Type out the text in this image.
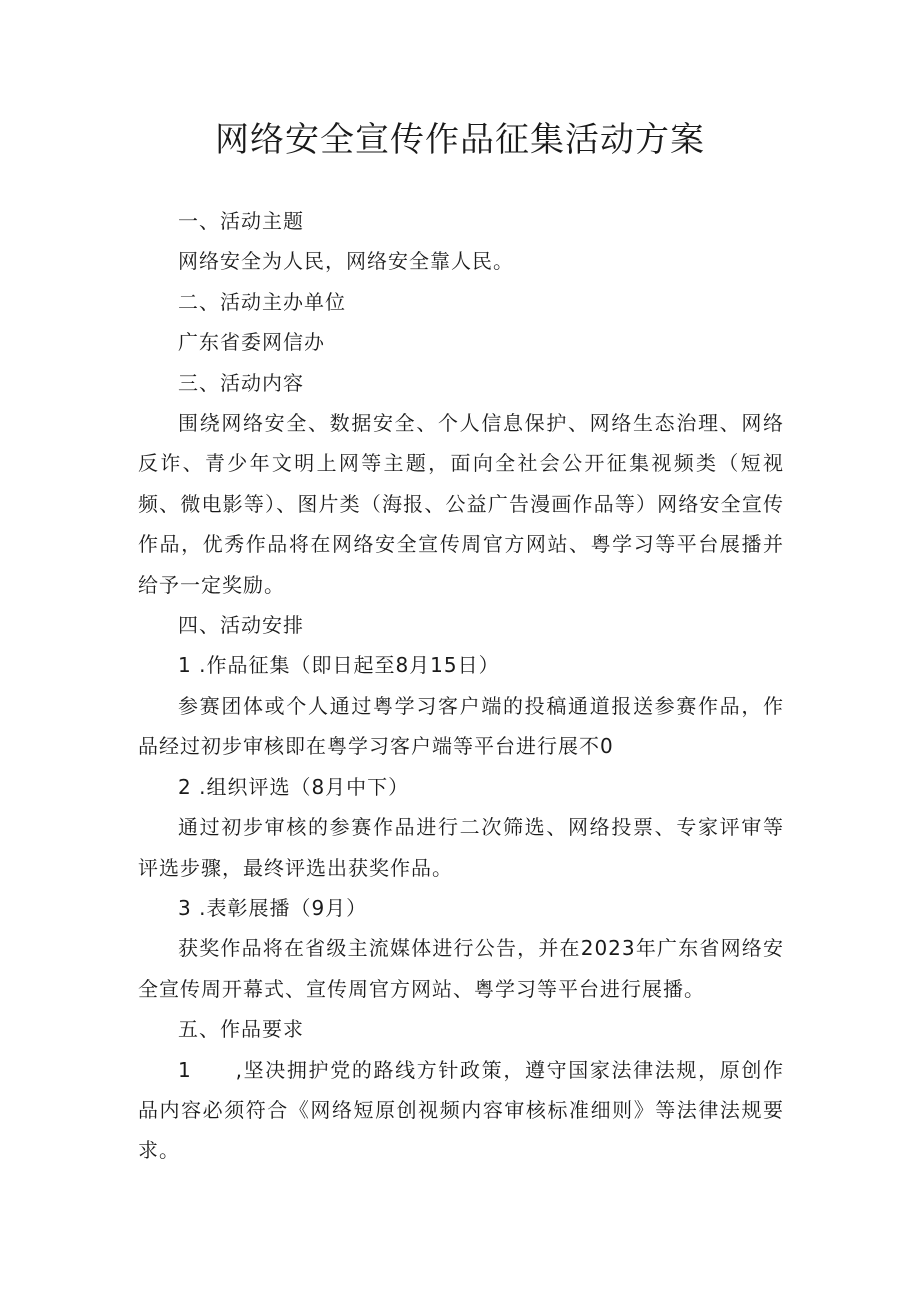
网络安全宣传作品征集活动方案

一、活动主题

网络安全为人民，网络安全靠人民。

二、活动主办单位

广东省委网信办

三、活动内容

围绕网络安全、数据安全、个人信息保护、网络生态治理、网络反诈、青少年文明上网等主题，面向全社会公开征集视频类（短视频、微电影等）、图片类（海报、公益广告漫画作品等）网络安全宣传作品，优秀作品将在网络安全宣传周官方网站、粤学习等平台展播并给予一定奖励。

四、活动安排

1 .作品征集（即日起至8月15日）

参赛团体或个人通过粤学习客户端的投稿通道报送参赛作品，作品经过初步审核即在粤学习客户端等平台进行展不0

2 .组织评选（8月中下）

通过初步审核的参赛作品进行二次筛选、网络投票、专家评审等评选步骤，最终评选出获奖作品。

3 .表彰展播（9月）

获奖作品将在省级主流媒体进行公告，并在2023年广东省网络安全宣传周开幕式、宣传周官方网站、粤学习等平台进行展播。

五、作品要求

1　　,坚决拥护党的路线方针政策，遵守国家法律法规，原创作品内容必须符合《网络短原创视频内容审核标准细则》等法律法规要求。
